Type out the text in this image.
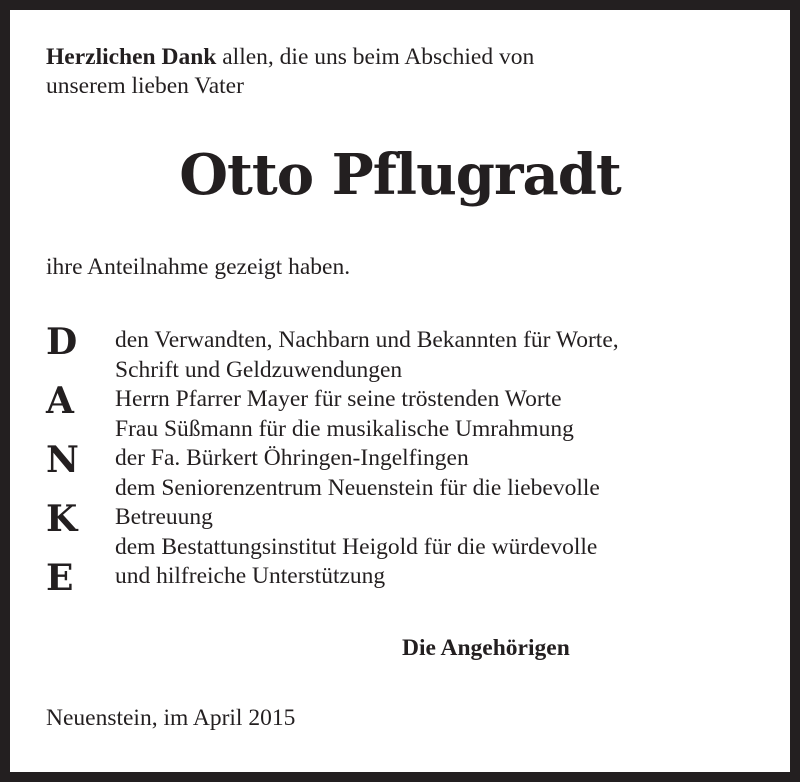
Herzlichen Dank allen, die uns beim Abschied von
unserem lieben Vater
Otto Pflugradt
ihre Anteilnahme gezeigt haben.
D
A
N
K
E
den Verwandten, Nachbarn und Bekannten für Worte,
Schrift und Geldzuwendungen
Herrn Pfarrer Mayer für seine tröstenden Worte
Frau Süßmann für die musikalische Umrahmung
der Fa. Bürkert Öhringen-Ingelfingen
dem Seniorenzentrum Neuenstein für die liebevolle
Betreuung
dem Bestattungsinstitut Heigold für die würdevolle
und hilfreiche Unterstützung
Die Angehörigen
Neuenstein, im April 2015
